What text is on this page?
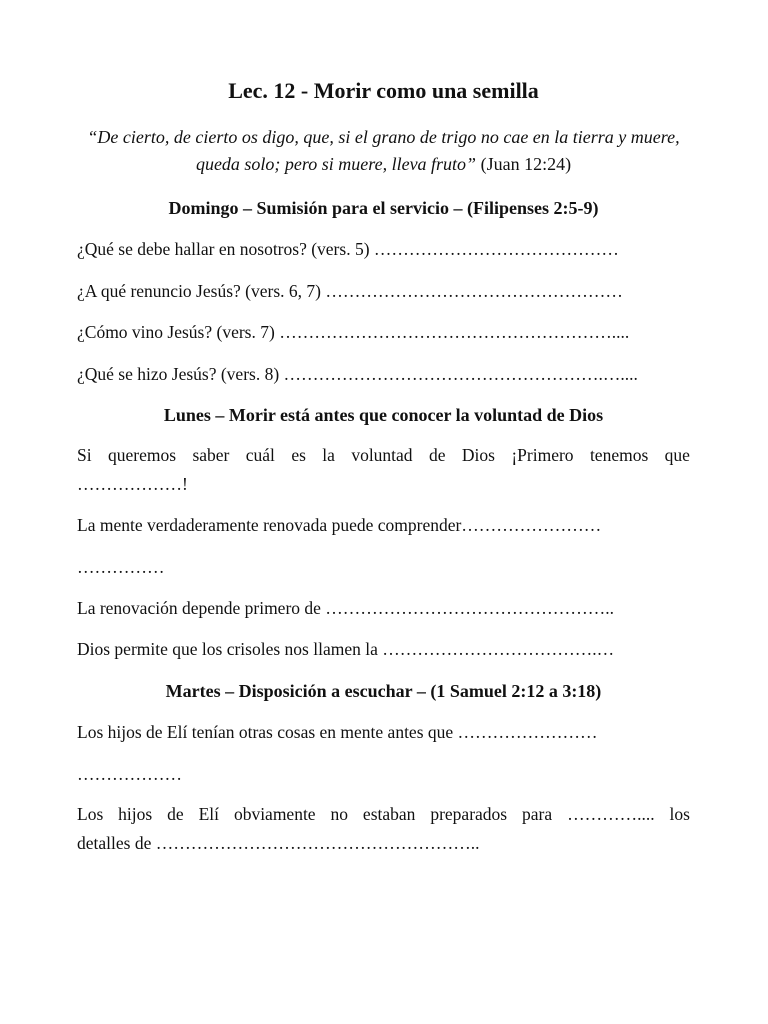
Lec. 12 - Morir como una semilla
“De cierto, de cierto os digo, que, si el grano de trigo no cae en la tierra y muere, queda solo; pero si muere, lleva fruto” (Juan 12:24)
Domingo – Sumisión para el servicio – (Filipenses 2:5-9)
¿Qué se debe hallar en nosotros? (vers. 5) ……………………………………
¿A qué renuncio Jesús? (vers. 6, 7) ……………………………………………
¿Cómo vino Jesús? (vers. 7) …………………………………………………....
¿Qué se hizo Jesús? (vers. 8) ……………………………………………….…....
Lunes – Morir está antes que conocer la voluntad de Dios
Si queremos saber cuál es la voluntad de Dios ¡Primero tenemos que
………………!
La mente verdaderamente renovada puede comprender……………………
……………
La renovación depende primero de …………………………………………..
Dios permite que los crisoles nos llamen la ……………………………….…
Martes – Disposición a escuchar – (1 Samuel 2:12 a 3:18)
Los hijos de Elí tenían otras cosas en mente antes que ……………………
………………
Los hijos de Elí obviamente no estaban preparados para ………….... los
detalles de ………………………………………………..
